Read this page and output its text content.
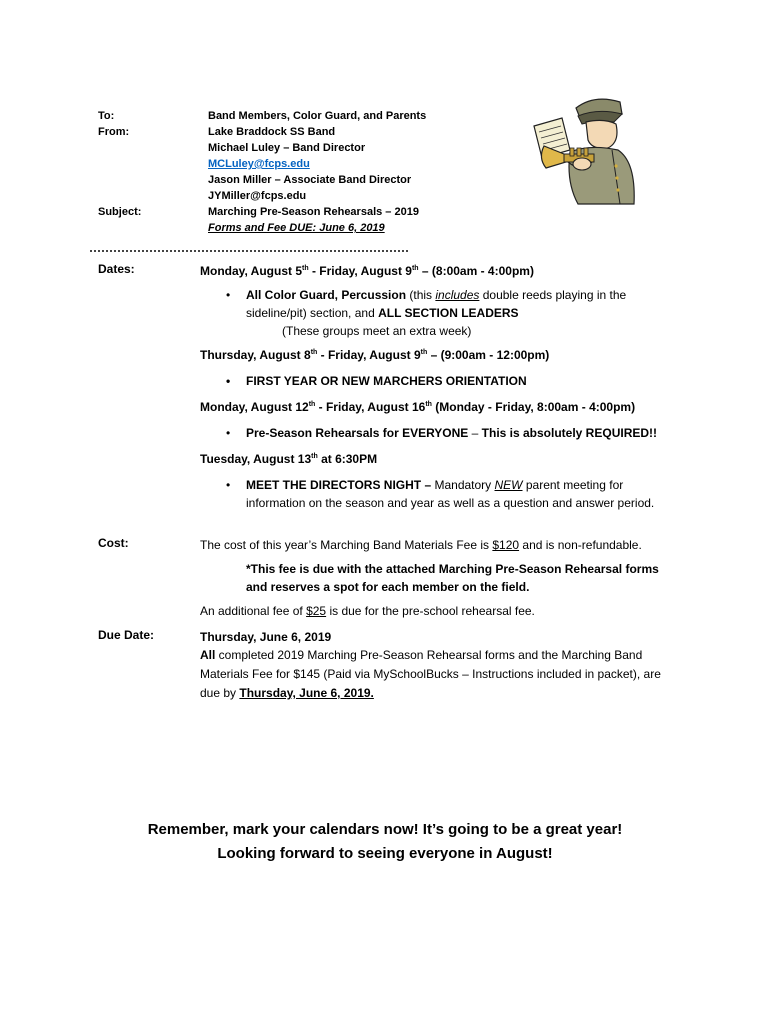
To:	Band Members, Color Guard, and Parents
From:	Lake Braddock SS Band
Michael Luley – Band Director
MCLuley@fcps.edu
Jason Miller – Associate Band Director
JYMiller@fcps.edu
Subject:	Marching Pre-Season Rehearsals – 2019
Forms and Fee DUE: June 6, 2019
Dates:	Monday, August 5th - Friday, August 9th – (8:00am - 4:00pm)
• All Color Guard, Percussion (this includes double reeds playing in the sideline/pit) section, and ALL SECTION LEADERS
(These groups meet an extra week)
Thursday, August 8th - Friday, August 9th – (9:00am - 12:00pm)
• FIRST YEAR OR NEW MARCHERS ORIENTATION
Monday, August 12th - Friday, August 16th (Monday - Friday, 8:00am - 4:00pm)
• Pre-Season Rehearsals for EVERYONE – This is absolutely REQUIRED!!
Tuesday, August 13th at 6:30PM
• MEET THE DIRECTORS NIGHT – Mandatory NEW parent meeting for information on the season and year as well as a question and answer period.
Cost:	The cost of this year’s Marching Band Materials Fee is $120 and is non-refundable.
*This fee is due with the attached Marching Pre-Season Rehearsal forms and reserves a spot for each member on the field.
An additional fee of $25 is due for the pre-school rehearsal fee.
Due Date:	Thursday, June 6, 2019
All completed 2019 Marching Pre-Season Rehearsal forms and the Marching Band Materials Fee for $145 (Paid via MySchoolBucks – Instructions included in packet), are due by Thursday, June 6, 2019.
Remember, mark your calendars now! It’s going to be a great year!
Looking forward to seeing everyone in August!
